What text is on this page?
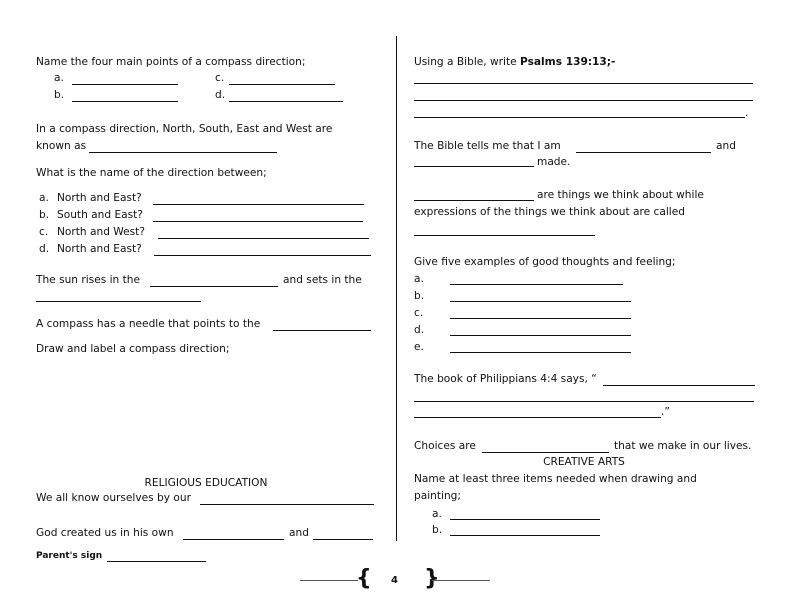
Name the four main points of a compass direction;
a.	c.
b.	d.
In a compass direction, North, South, East and West are
known as
What is the name of the direction between;
a. North and East?
b. South and East?
c. North and West?
d. North and East?
The sun rises in the	and sets in the
A compass has a needle that points to the
Draw and label a compass direction;
RELIGIOUS EDUCATION
We all know ourselves by our
God created us in his own	and
Parent's sign
Using a Bible, write Psalms 139:13;-
.
The Bible tells me that I am	and
made.
are things we think about while
expressions of the things we think about are called
Give five examples of good thoughts and feeling;
a.
b.
c.
d.
e.
The book of Philippians 4:4 says, “
.”
Choices are	that we make in our lives.
CREATIVE ARTS
Name at least three items needed when drawing and
painting;
a.
b.
{ 4 }
